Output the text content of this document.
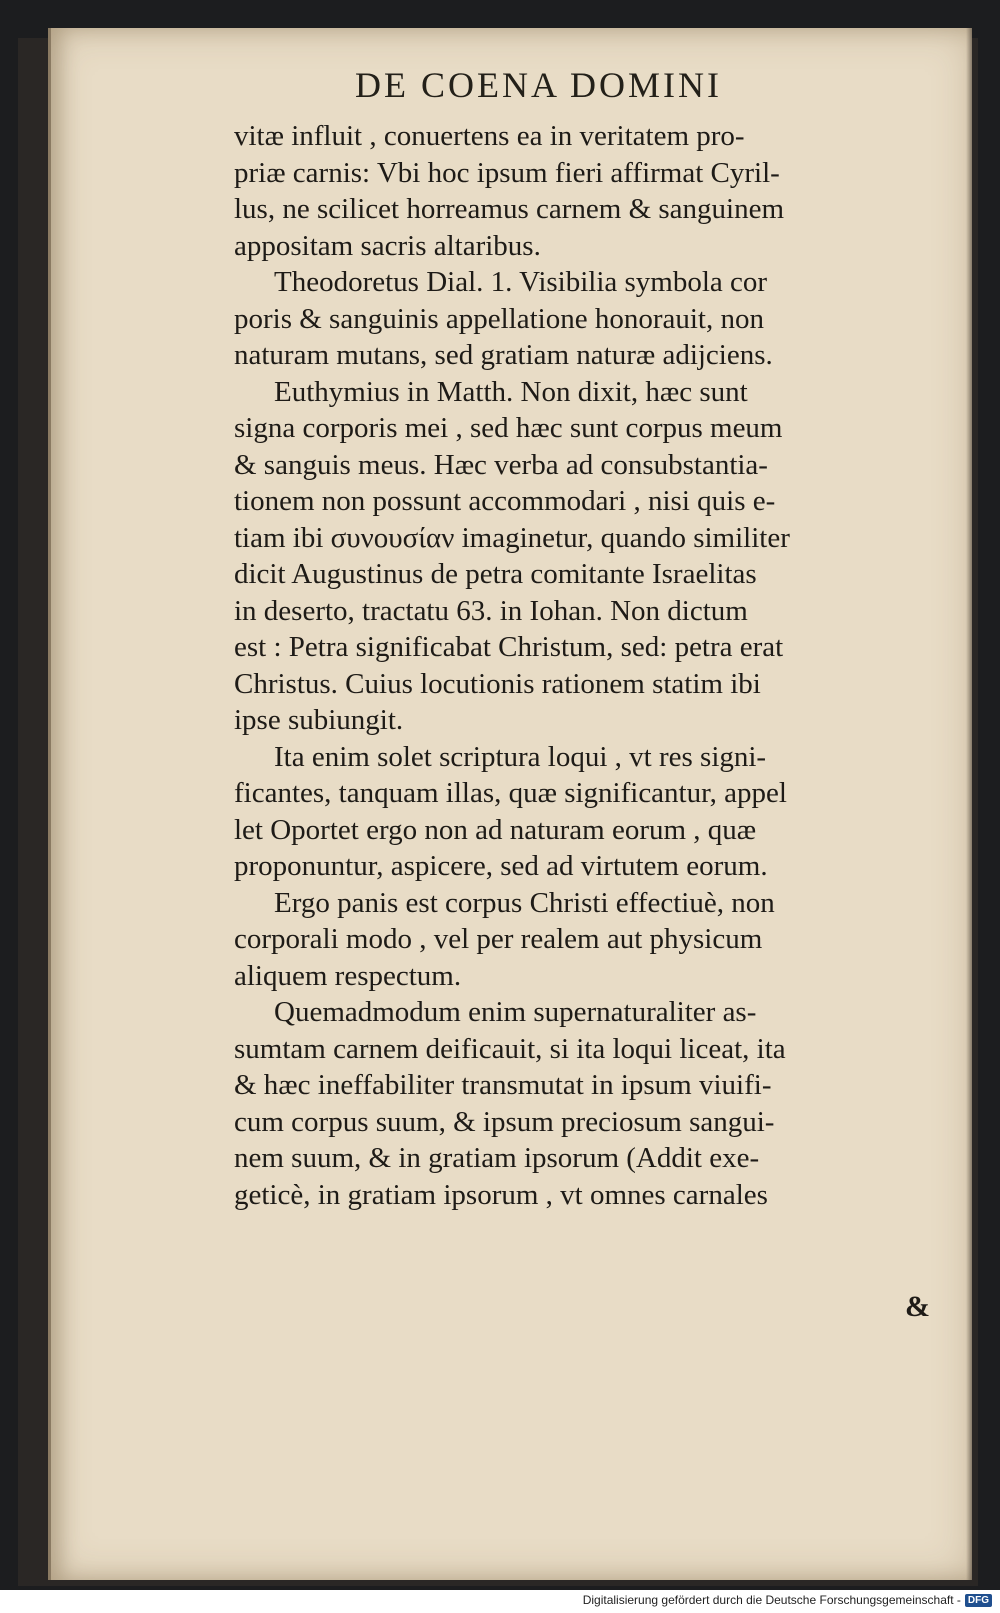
DE COENA DOMINI
vitæ influit , conuertens ea in veritatem pro-
priæ carnis: Vbi hoc ipsum fieri affirmat Cyril-
lus, ne scilicet horreamus carnem & sanguinem
appositam sacris altaribus.
Theodoretus Dial. 1. Visibilia symbola cor
poris & sanguinis appellatione honorauit, non
naturam mutans, sed gratiam naturæ adijciens.
Euthymius in Matth. Non dixit, hæc sunt
signa corporis mei , sed hæc sunt corpus meum
& sanguis meus. Hæc verba ad consubstantia-
tionem non possunt accommodari , nisi quis e-
tiam ibi συνουσίαν imaginetur, quando similiter
dicit Augustinus de petra comitante Israelitas
in deserto, tractatu 63. in Iohan. Non dictum
est : Petra significabat Christum, sed: petra erat
Christus. Cuius locutionis rationem statim ibi
ipse subiungit.
Ita enim solet scriptura loqui , vt res signi-
ficantes, tanquam illas, quæ significantur, appel
let Oportet ergo non ad naturam eorum , quæ
proponuntur, aspicere, sed ad virtutem eorum.
Ergo panis est corpus Christi effectiuè, non
corporali modo , vel per realem aut physicum
aliquem respectum.
Quemadmodum enim supernaturaliter as-
sumtam carnem deificauit, si ita loqui liceat, ita
& hæc ineffabiliter transmutat in ipsum viuifi-
cum corpus suum, & ipsum preciosum sangui-
nem suum, & in gratiam ipsorum (Addit exe-
geticè, in gratiam ipsorum , vt omnes carnales
&
Digitalisierung gefördert durch die Deutsche Forschungsgemeinschaft - DFG
